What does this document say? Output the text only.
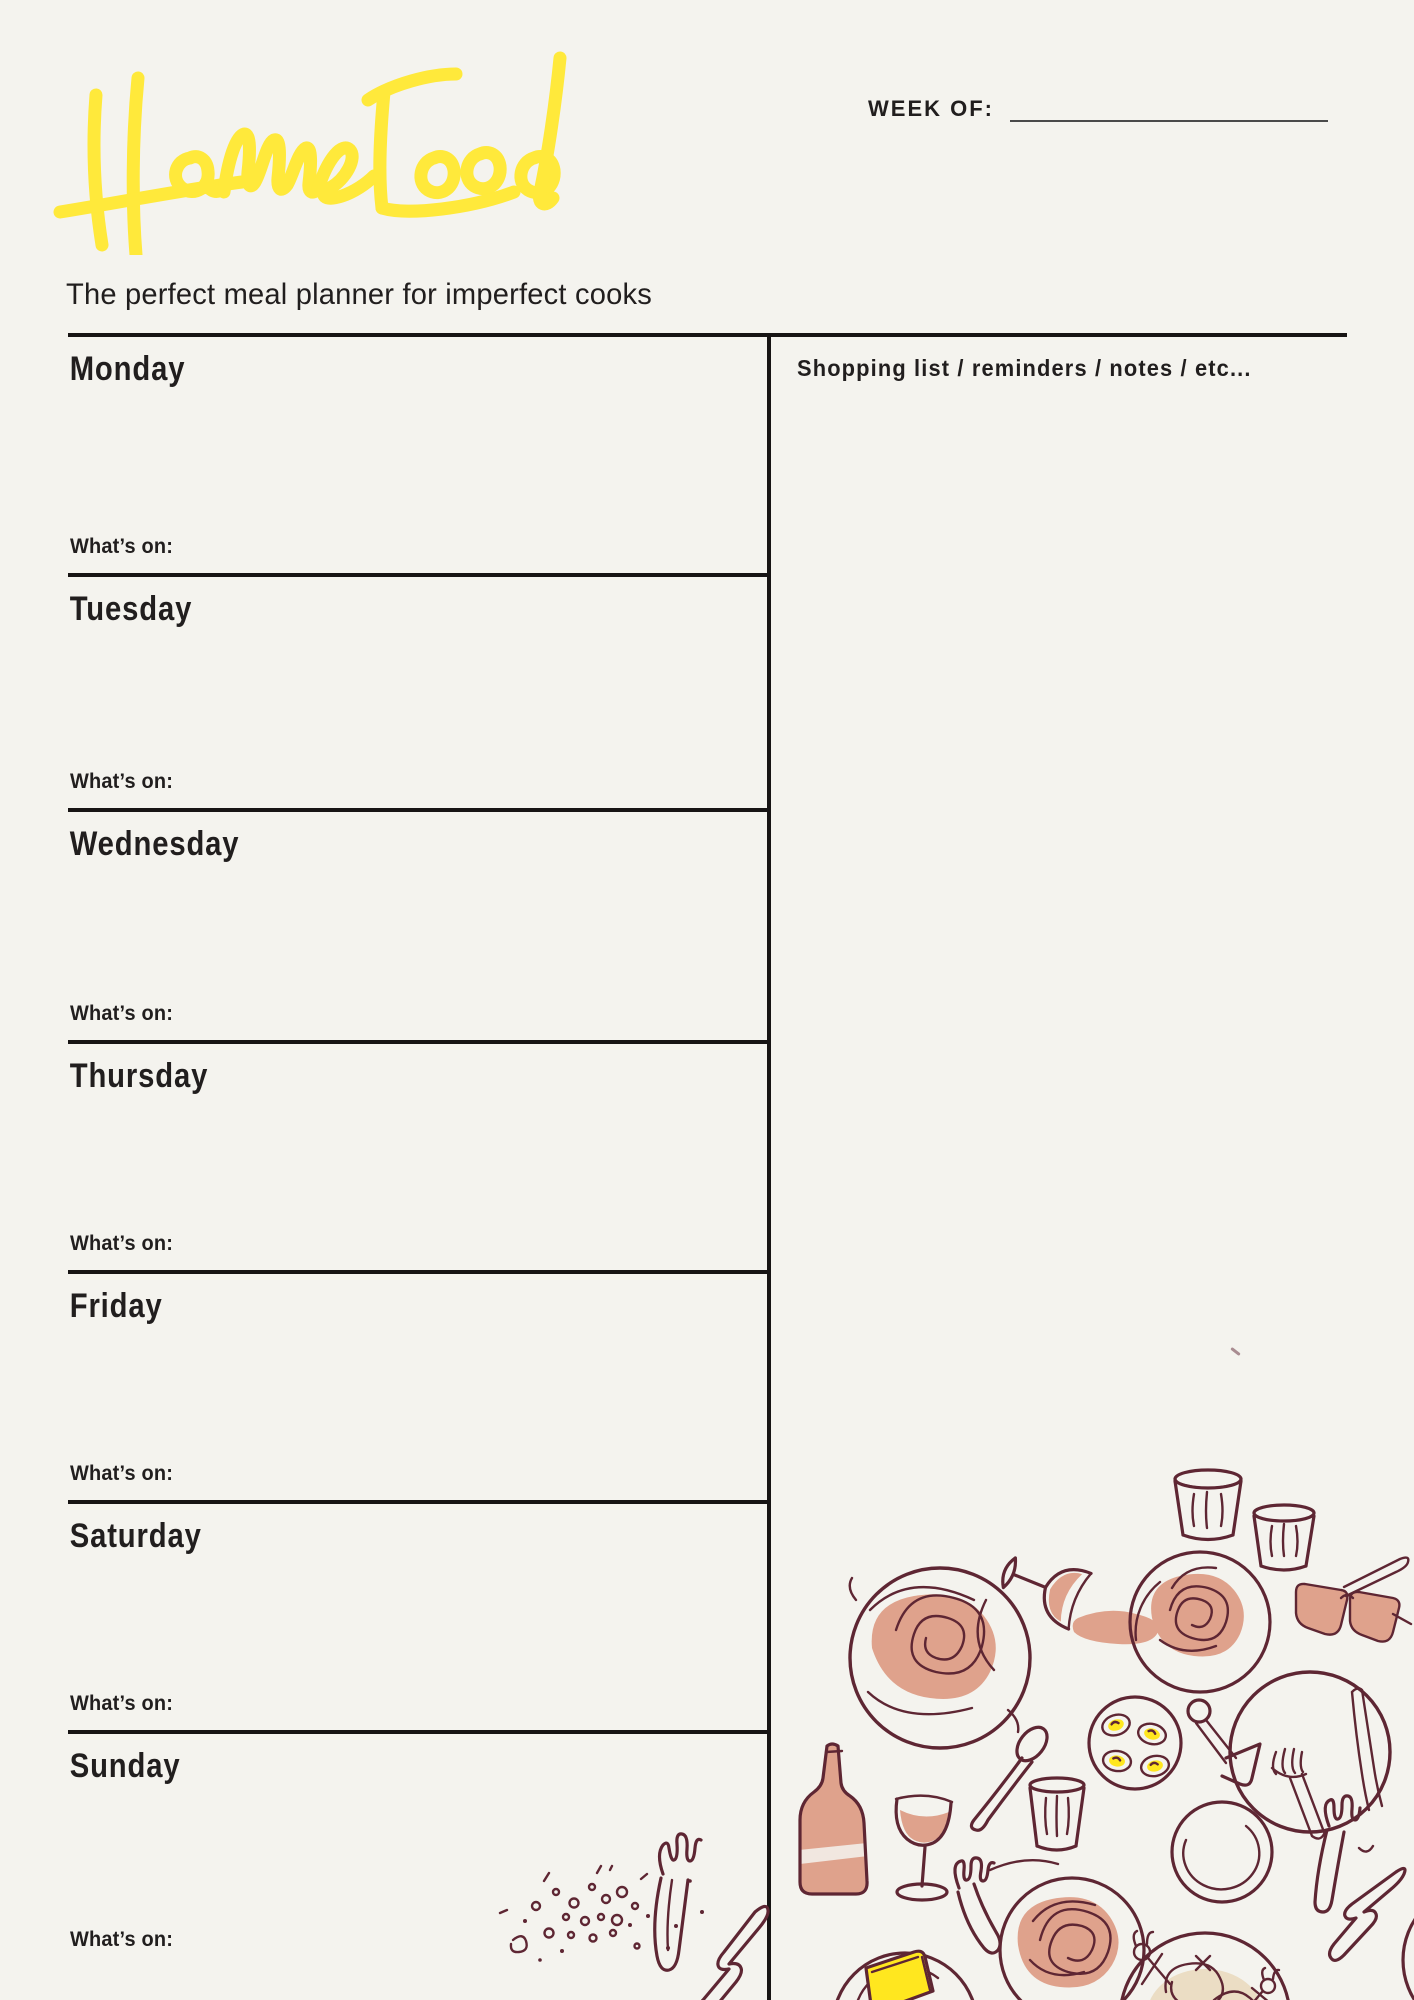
WEEK OF:

The perfect meal planner for imperfect cooks

Monday
What’s on:
Tuesday
What’s on:
Wednesday
What’s on:
Thursday
What’s on:
Friday
What’s on:
Saturday
What’s on:
Sunday
What’s on:
Shopping list / reminders / notes / etc...
